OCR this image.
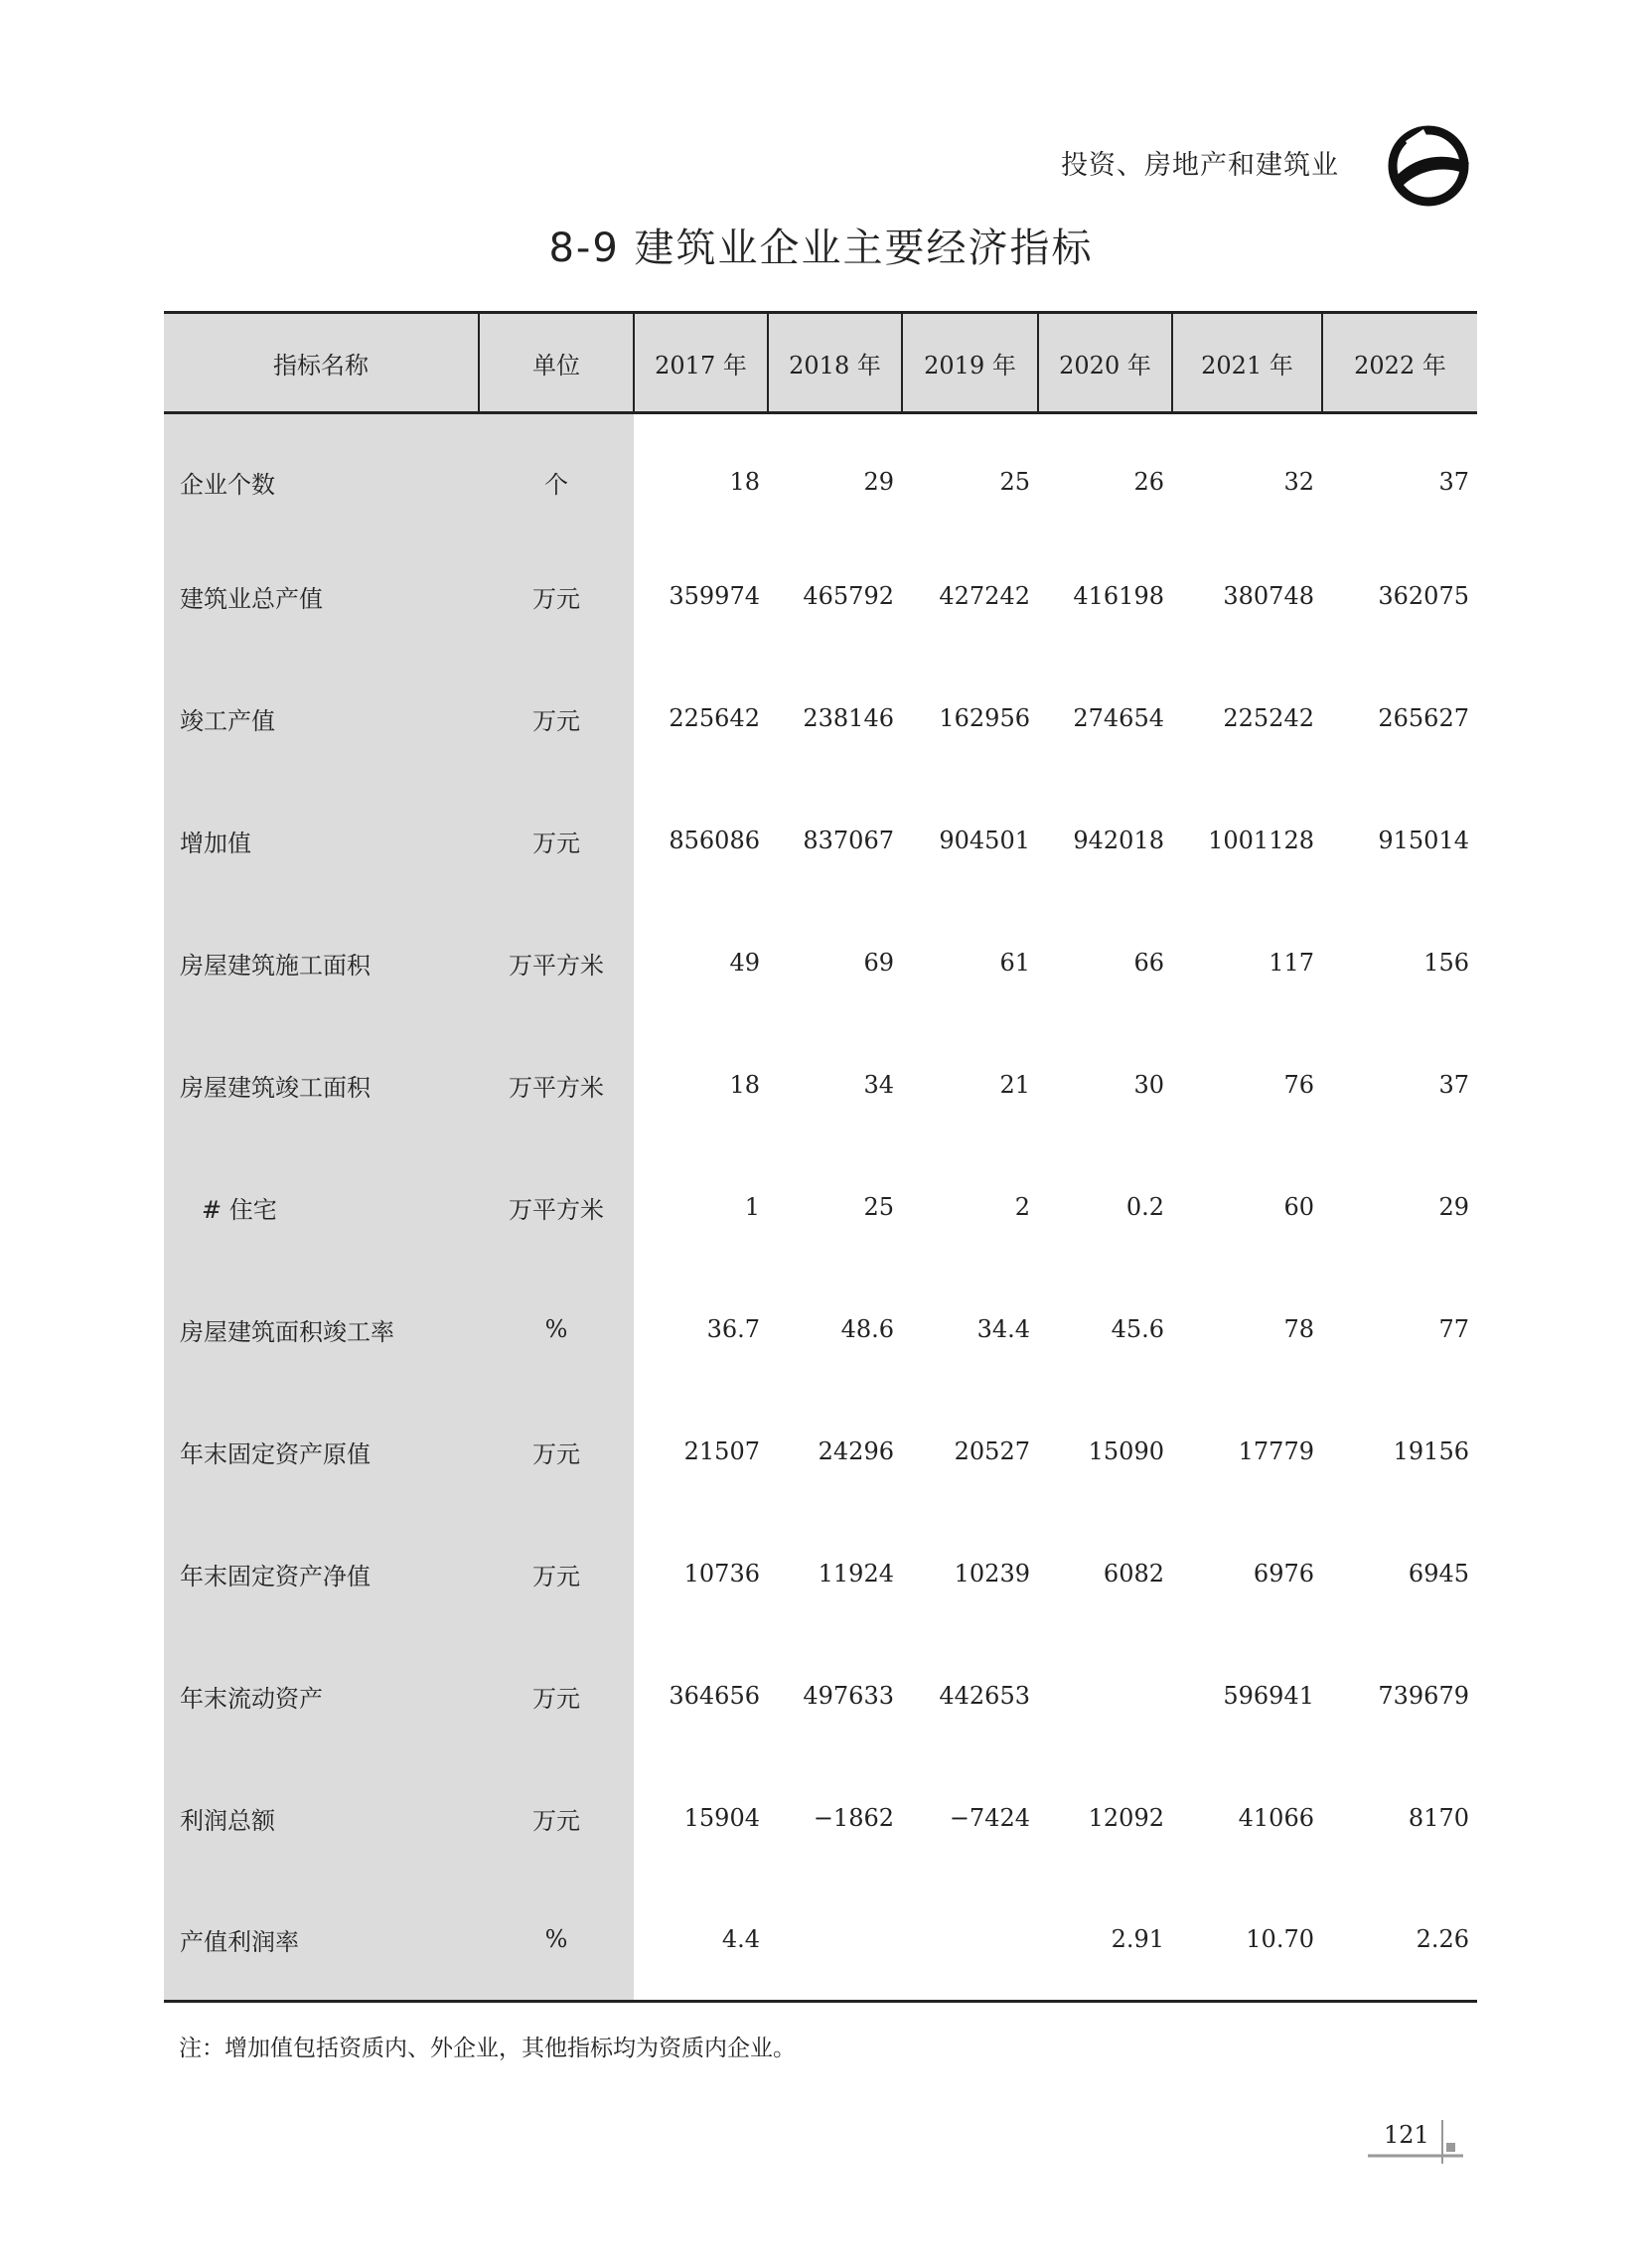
投资、房地产和建筑业
8-9 建筑业企业主要经济指标
指标名称	单位	2017 年	2018 年	2019 年	2020 年	2021 年	2022 年
企业个数	个	18	29	25	26	32	37
建筑业总产值	万元	359974	465792	427242	416198	380748	362075
竣工产值	万元	225642	238146	162956	274654	225242	265627
增加值	万元	856086	837067	904501	942018	1001128	915014
房屋建筑施工面积	万平方米	49	69	61	66	117	156
房屋建筑竣工面积	万平方米	18	34	21	30	76	37
# 住宅	万平方米	1	25	2	0.2	60	29
房屋建筑面积竣工率	%	36.7	48.6	34.4	45.6	78	77
年末固定资产原值	万元	21507	24296	20527	15090	17779	19156
年末固定资产净值	万元	10736	11924	10239	6082	6976	6945
年末流动资产	万元	364656	497633	442653		596941	739679
利润总额	万元	15904	−1862	−7424	12092	41066	8170
产值利润率	%	4.4			2.91	10.70	2.26
注：增加值包括资质内、外企业，其他指标均为资质内企业。
121
